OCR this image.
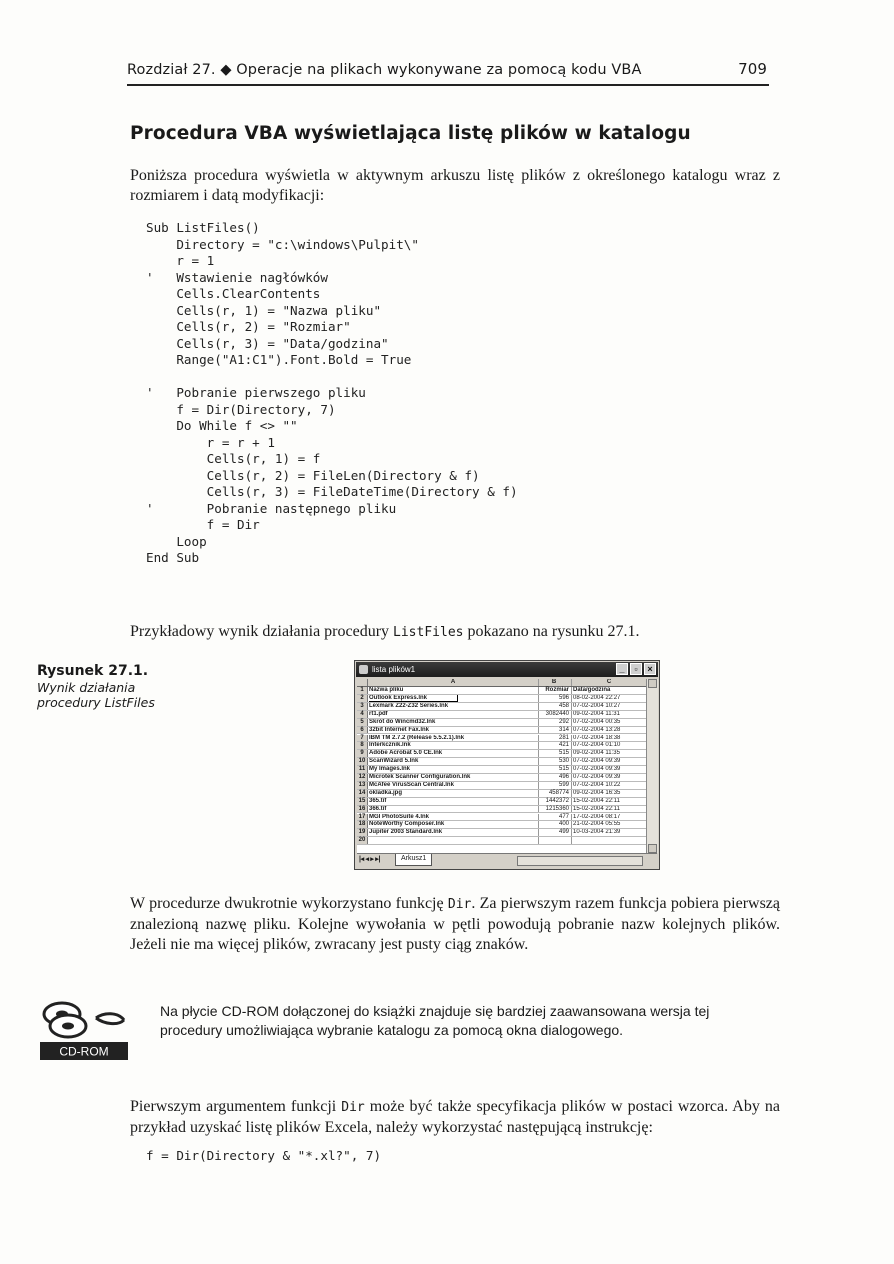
Rozdział 27. ◆ Operacje na plikach wykonywane za pomocą kodu VBA	709
Procedura VBA wyświetlająca listę plików w katalogu
Poniższa procedura wyświetla w aktywnym arkuszu listę plików z określonego katalogu wraz z rozmiarem i datą modyfikacji:
Sub ListFiles()
Directory = "c:\windows\Pulpit\"
r = 1
'   Wstawienie nagłówków
Cells.ClearContents
Cells(r, 1) = "Nazwa pliku"
Cells(r, 2) = "Rozmiar"
Cells(r, 3) = "Data/godzina"
Range("A1:C1").Font.Bold = True
'   Pobranie pierwszego pliku
f = Dir(Directory, 7)
Do While f <> ""
r = r + 1
Cells(r, 1) = f
Cells(r, 2) = FileLen(Directory & f)
Cells(r, 3) = FileDateTime(Directory & f)
'       Pobranie następnego pliku
f = Dir
Loop
End Sub
Przykładowy wynik działania procedury ListFiles pokazano na rysunku 27.1.
Rysunek 27.1.
Wynik działania procedury ListFiles
lista plików1	_	▫	×
A	B	C
1 Nazwa pliku	Rozmiar Data/godzina
2 Outlook Express.lnk	596 08-02-2004 22:27
3 Lexmark Z22-Z32 Series.lnk	458 07-02-2004 10:27
4 rt1.pdf	3082440 09-02-2004 11:31
5 Skrót do Wincmd32.lnk	292 07-02-2004 00:35
6 32bit Internet Fax.lnk	314 07-02-2004 13:28
7 IBM TM 2.7.2 (Release 5.5.2.1).lnk	281 07-02-2004 18:38
8 Interkcznik.lnk	421 07-02-2004 01:10
9 Adobe Acrobat 5.0 CE.lnk	515 09-02-2004 11:35
10 ScanWizard 5.lnk	530 07-02-2004 09:39
11 My Images.lnk	515 07-02-2004 09:39
12 Microtek Scanner Configuration.lnk	496 07-02-2004 09:39
13 McAfee VirusScan Central.lnk	599 07-02-2004 10:22
14 okladka.jpg	458774 09-02-2004 16:35
15 365.tif	1442372 15-02-2004 22:11
16 366.tif	1215360 15-02-2004 22:11
17 MGI PhotoSuite 4.lnk	477 17-02-2004 08:17
18 NoteWorthy Composer.lnk	400 21-02-2004 05:55
19 Jupiter 2003 Standard.lnk	499 10-03-2004 21:39
20
|◂ ◂ ▸ ▸|	Arkusz1
W procedurze dwukrotnie wykorzystano funkcję Dir. Za pierwszym razem funkcja pobiera pierwszą znalezioną nazwę pliku. Kolejne wywołania w pętli powodują pobranie nazw kolejnych plików. Jeżeli nie ma więcej plików, zwracany jest pusty ciąg znaków.
CD-ROM
Na płycie CD-ROM dołączonej do książki znajduje się bardziej zaawansowana wersja tej procedury umożliwiająca wybranie katalogu za pomocą okna dialogowego.
Pierwszym argumentem funkcji Dir może być także specyfikacja plików w postaci wzorca. Aby na przykład uzyskać listę plików Excela, należy wykorzystać następującą instrukcję:
f = Dir(Directory & "*.xl?", 7)
